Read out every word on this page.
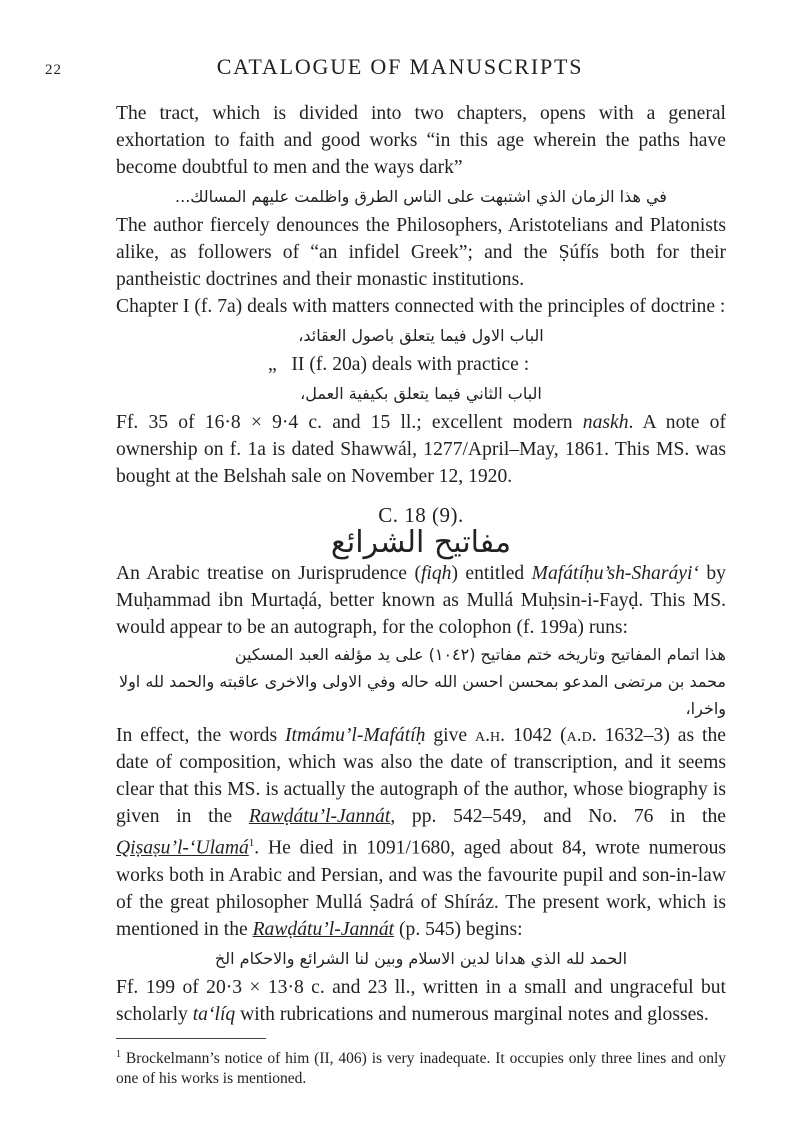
22	CATALOGUE OF MANUSCRIPTS

The tract, which is divided into two chapters, opens with a general exhortation to faith and good works “in this age wherein the paths have become doubtful to men and the ways dark”

في هذا الزمان الذي اشتبهت على الناس الطرق واظلمت عليهم المسالك...

The author fiercely denounces the Philosophers, Aristotelians and Platonists alike, as followers of “an infidel Greek”; and the Ṣúfís both for their pantheistic doctrines and their monastic institutions.

Chapter I (f. 7a) deals with matters connected with the principles of doctrine :

الباب الاول فيما يتعلق باصول العقائد،
„ II (f. 20a) deals with practice :
الباب الثاني فيما يتعلق بكيفية العمل،

Ff. 35 of 16·8 × 9·4 c. and 15 ll.; excellent modern naskh. A note of ownership on f. 1a is dated Shawwál, 1277/April–May, 1861. This MS. was bought at the Belshah sale on November 12, 1920.

C. 18 (9).
مفاتيح الشرائع

An Arabic treatise on Jurisprudence (fiqh) entitled Mafátíḥu’sh-Sharáyi‘ by Muḥammad ibn Murtaḍá, better known as Mullá Muḥsin-i-Fayḍ. This MS. would appear to be an autograph, for the colophon (f. 199a) runs:

هذا اتمام المفاتيح وتاريخه ختم مفاتيح (١٠٤٢) على يد مؤلفه العبد المسكين
محمد بن مرتضى المدعو بمحسن احسن الله حاله وفي الاولى والاخرى عاقبته والحمد لله اولا
واخرا،

In effect, the words Itmámu’l-Mafátíḥ give a.h. 1042 (a.d. 1632–3) as the date of composition, which was also the date of transcription, and it seems clear that this MS. is actually the autograph of the author, whose biography is given in the Rawḍátu’l-Jannát, pp. 542–549, and No. 76 in the Qiṣaṣu’l-‘Ulamá$^1$. He died in 1091/1680, aged about 84, wrote numerous works both in Arabic and Persian, and was the favourite pupil and son-in-law of the great philosopher Mullá Ṣadrá of Shíráz. The present work, which is mentioned in the Rawḍátu’l-Jannát (p. 545) begins:

الحمد لله الذي هدانا لدين الاسلام وبين لنا الشرائع والاحكام الخ

Ff. 199 of 20·3 × 13·8 c. and 23 ll., written in a small and ungraceful but scholarly ta‘líq with rubrications and numerous marginal notes and glosses.

$^1$ Brockelmann’s notice of him (II, 406) is very inadequate. It occupies only three lines and only one of his works is mentioned.
